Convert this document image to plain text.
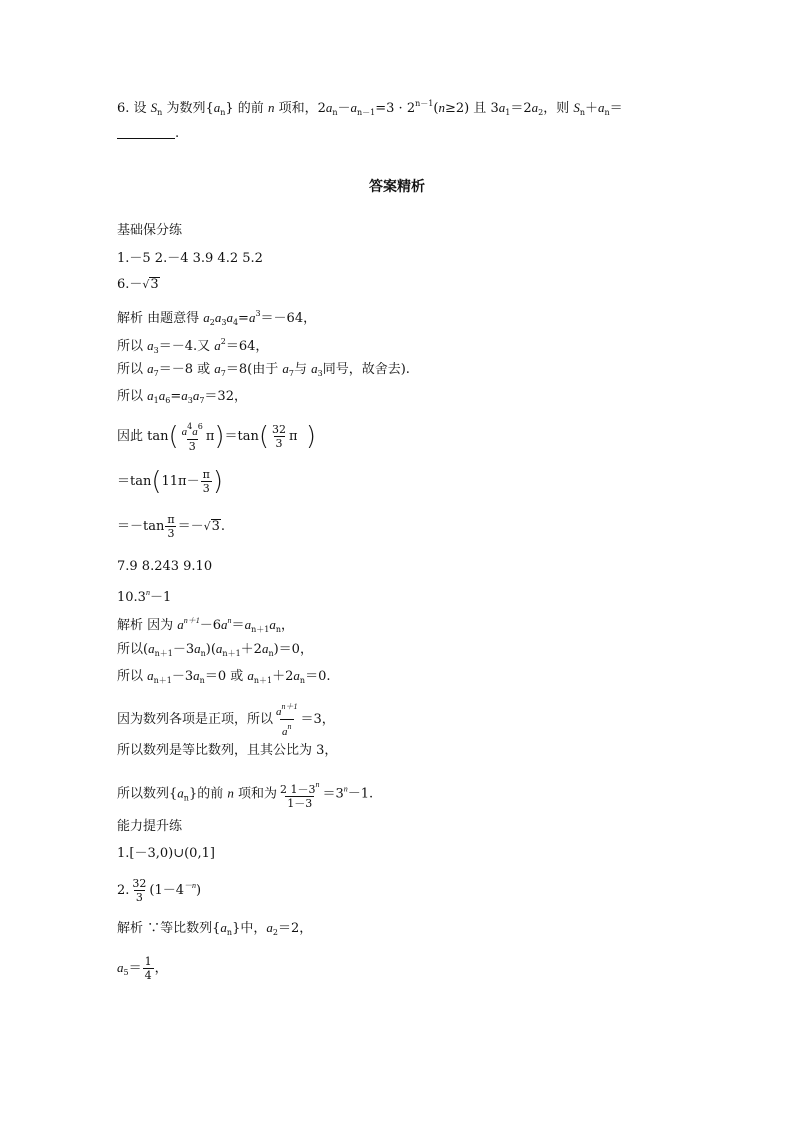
6. 设 $S_n$ 为数列$\{a_n\}$ 的前 n 项和，$2a_n-a_{n-1}=3 \cdot 2^{n-1}(n\ge 2)$ 且 $3a_1=2a_2$，则 $S_n+a_n=$
.
答案精析
基础保分练
1.－5 2.－4 3.9 4.2 5.2
6.－√3
解析 由题意得 $a_2a_3a_4=a^3=-64$，
所以 $a_3=-4$.又 $a^2=64$，
所以 $a_7=-8$ 或 $a_7=8$(由于 $a_7$与 $a_3$同号，故舍去).
所以 $a_1a_6=a_3a_7=32$，
因此 $\tan( \frac{a^4a^6}{3} \pi)=\tan( \frac{32}{3}$ π )
$=\tan(11\pi- \frac{\pi}{3}$ )
$=-\tan \frac{\pi}{3} =-√3$.
7.9 8.243 9.10
$10.3^n-1$
解析 因为 $a^{n+1}-6a^n=a_{n+1}a_n$，
所以$(a_{n+1}-3a_n)(a_{n+1}+2a_n)=0$，
所以 $a_{n+1}-3a_n=0$ 或 $a_{n+1}+2a_n=0$.
因为数列各项是正项，所以 $\frac{a^{n+1}}{a^n} =3$，
所以数列是等比数列，且其公比为 3，
所以数列$\{a_n\}$的前 n 项和为 $\frac{2 1-3^n}{1-3} =3^n-1$.
能力提升练
1.[－3,0)∪(0,1]
2. $\frac{32}{3} (1-4^{-n})$
解析 ∵等比数列$\{a_n\}$中，$a_2=2$，
$a_5= \frac{1}{4}$ ，
